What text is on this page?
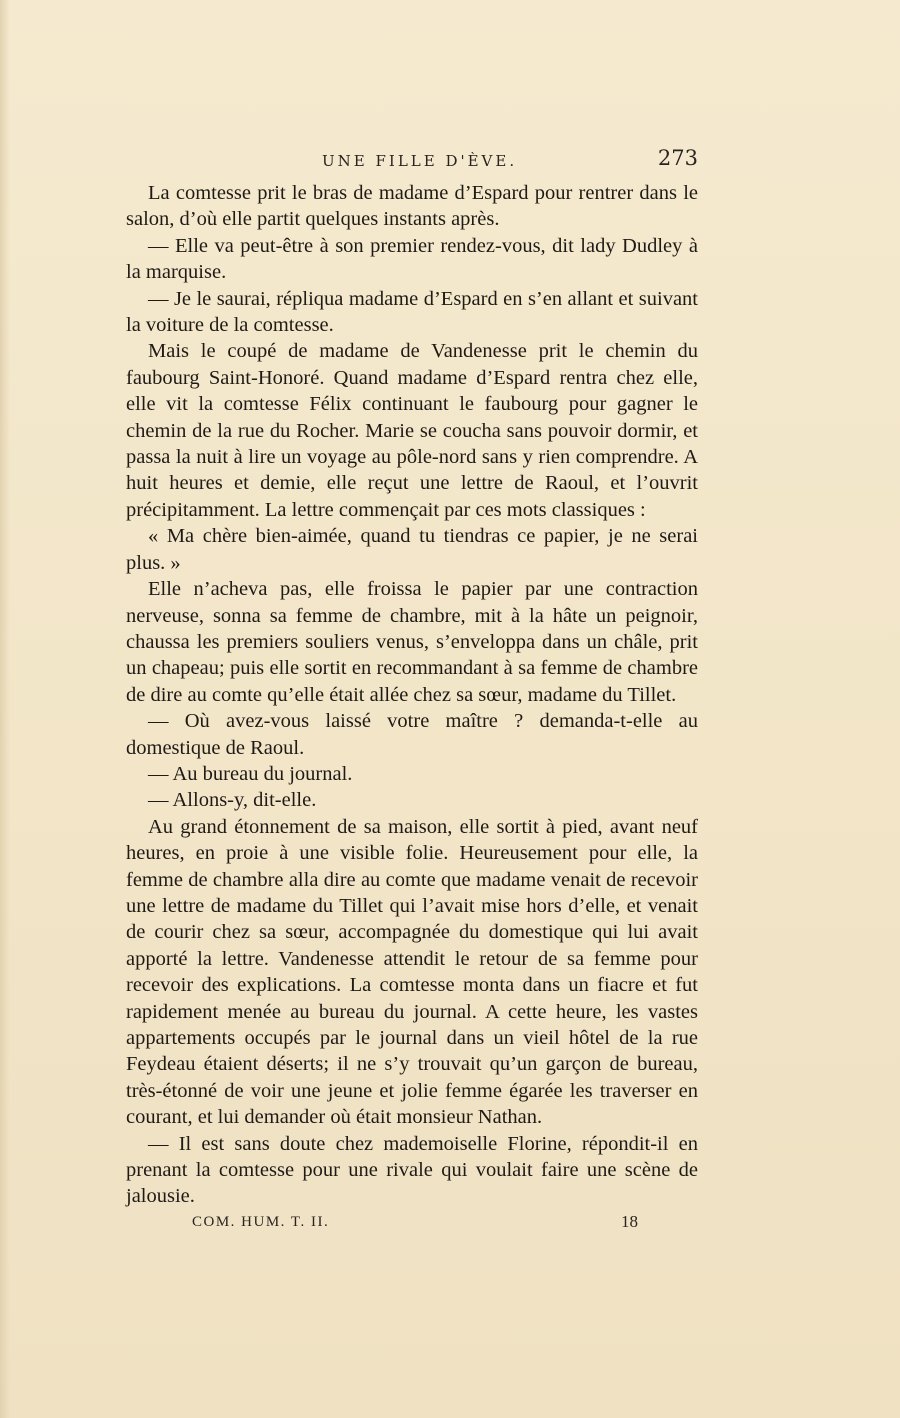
UNE FILLE D'ÈVE.	273

La comtesse prit le bras de madame d’Espard pour rentrer dans le salon, d’où elle partit quelques instants après.

— Elle va peut-être à son premier rendez-vous, dit lady Dudley à la marquise.

— Je le saurai, répliqua madame d’Espard en s’en allant et suivant la voiture de la comtesse.

Mais le coupé de madame de Vandenesse prit le chemin du faubourg Saint-Honoré. Quand madame d’Espard rentra chez elle, elle vit la comtesse Félix continuant le faubourg pour gagner le chemin de la rue du Rocher. Marie se coucha sans pouvoir dormir, et passa la nuit à lire un voyage au pôle-nord sans y rien comprendre. A huit heures et demie, elle reçut une lettre de Raoul, et l’ouvrit précipitamment. La lettre commençait par ces mots classiques :

« Ma chère bien-aimée, quand tu tiendras ce papier, je ne serai plus. »

Elle n’acheva pas, elle froissa le papier par une contraction nerveuse, sonna sa femme de chambre, mit à la hâte un peignoir, chaussa les premiers souliers venus, s’enveloppa dans un châle, prit un chapeau; puis elle sortit en recommandant à sa femme de chambre de dire au comte qu’elle était allée chez sa sœur, madame du Tillet.

— Où avez-vous laissé votre maître ? demanda-t-elle au domestique de Raoul.

— Au bureau du journal.

— Allons-y, dit-elle.

Au grand étonnement de sa maison, elle sortit à pied, avant neuf heures, en proie à une visible folie. Heureusement pour elle, la femme de chambre alla dire au comte que madame venait de recevoir une lettre de madame du Tillet qui l’avait mise hors d’elle, et venait de courir chez sa sœur, accompagnée du domestique qui lui avait apporté la lettre. Vandenesse attendit le retour de sa femme pour recevoir des explications. La comtesse monta dans un fiacre et fut rapidement menée au bureau du journal. A cette heure, les vastes appartements occupés par le journal dans un vieil hôtel de la rue Feydeau étaient déserts; il ne s’y trouvait qu’un garçon de bureau, très-étonné de voir une jeune et jolie femme égarée les traverser en courant, et lui demander où était monsieur Nathan.

— Il est sans doute chez mademoiselle Florine, répondit-il en prenant la comtesse pour une rivale qui voulait faire une scène de jalousie.

COM. HUM. T. II.	18
